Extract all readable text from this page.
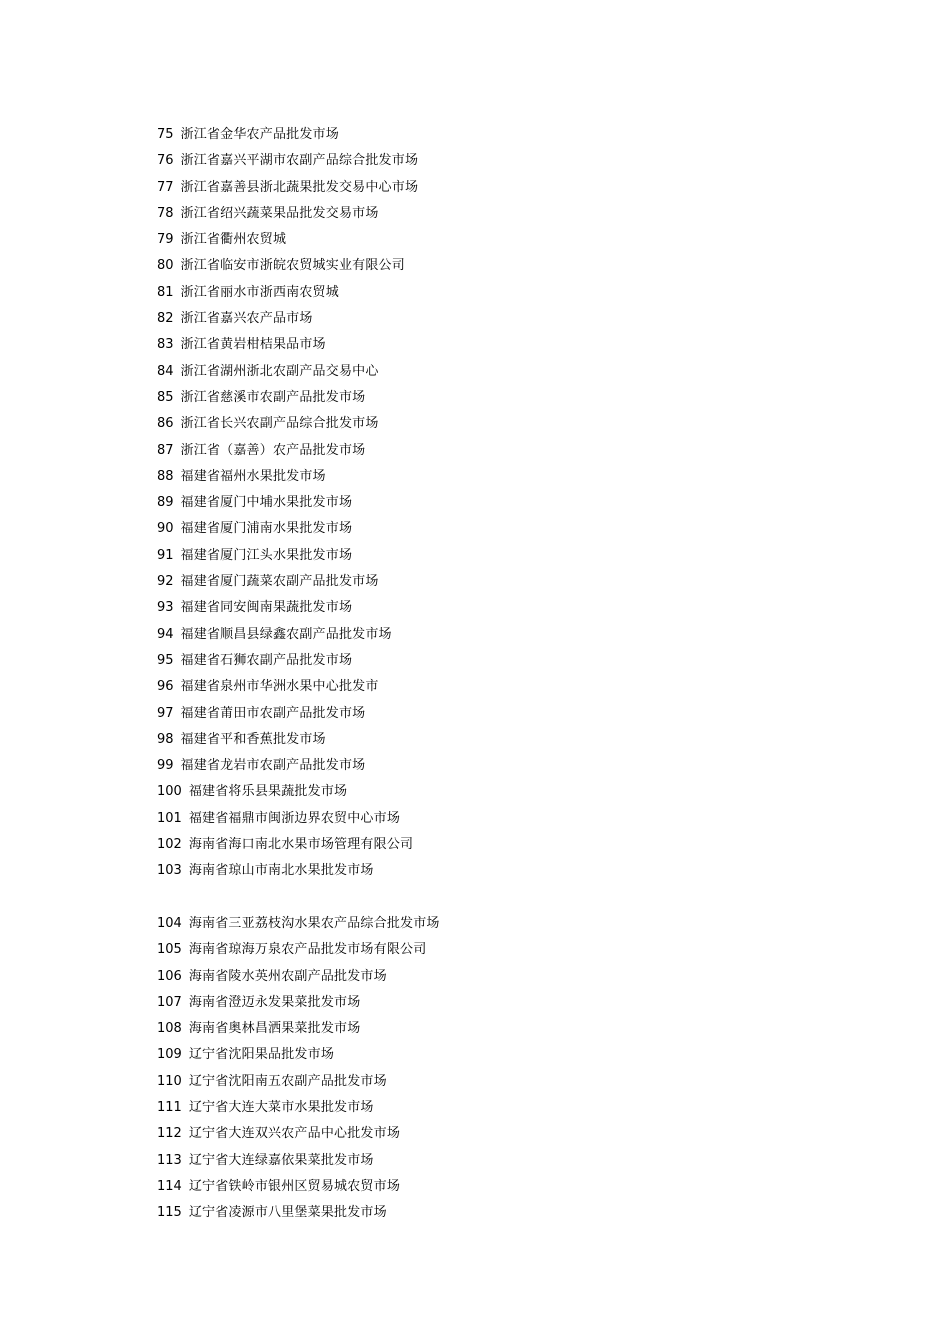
75 浙江省金华农产品批发市场
76 浙江省嘉兴平湖市农副产品综合批发市场
77 浙江省嘉善县浙北蔬果批发交易中心市场
78 浙江省绍兴蔬菜果品批发交易市场
79 浙江省衢州农贸城
80 浙江省临安市浙皖农贸城实业有限公司
81 浙江省丽水市浙西南农贸城
82 浙江省嘉兴农产品市场
83 浙江省黄岩柑桔果品市场
84 浙江省湖州浙北农副产品交易中心
85 浙江省慈溪市农副产品批发市场
86 浙江省长兴农副产品综合批发市场
87 浙江省（嘉善）农产品批发市场
88 福建省福州水果批发市场
89 福建省厦门中埔水果批发市场
90 福建省厦门浦南水果批发市场
91 福建省厦门江头水果批发市场
92 福建省厦门蔬菜农副产品批发市场
93 福建省同安闽南果蔬批发市场
94 福建省顺昌县绿鑫农副产品批发市场
95 福建省石狮农副产品批发市场
96 福建省泉州市华洲水果中心批发市
97 福建省莆田市农副产品批发市场
98 福建省平和香蕉批发市场
99 福建省龙岩市农副产品批发市场
100 福建省将乐县果蔬批发市场
101 福建省福鼎市闽浙边界农贸中心市场
102 海南省海口南北水果市场管理有限公司
103 海南省琼山市南北水果批发市场
104 海南省三亚荔枝沟水果农产品综合批发市场
105 海南省琼海万泉农产品批发市场有限公司
106 海南省陵水英州农副产品批发市场
107 海南省澄迈永发果菜批发市场
108 海南省奥林昌洒果菜批发市场
109 辽宁省沈阳果品批发市场
110 辽宁省沈阳南五农副产品批发市场
111 辽宁省大连大菜市水果批发市场
112 辽宁省大连双兴农产品中心批发市场
113 辽宁省大连绿嘉依果菜批发市场
114 辽宁省铁岭市银州区贸易城农贸市场
115 辽宁省凌源市八里堡菜果批发市场
